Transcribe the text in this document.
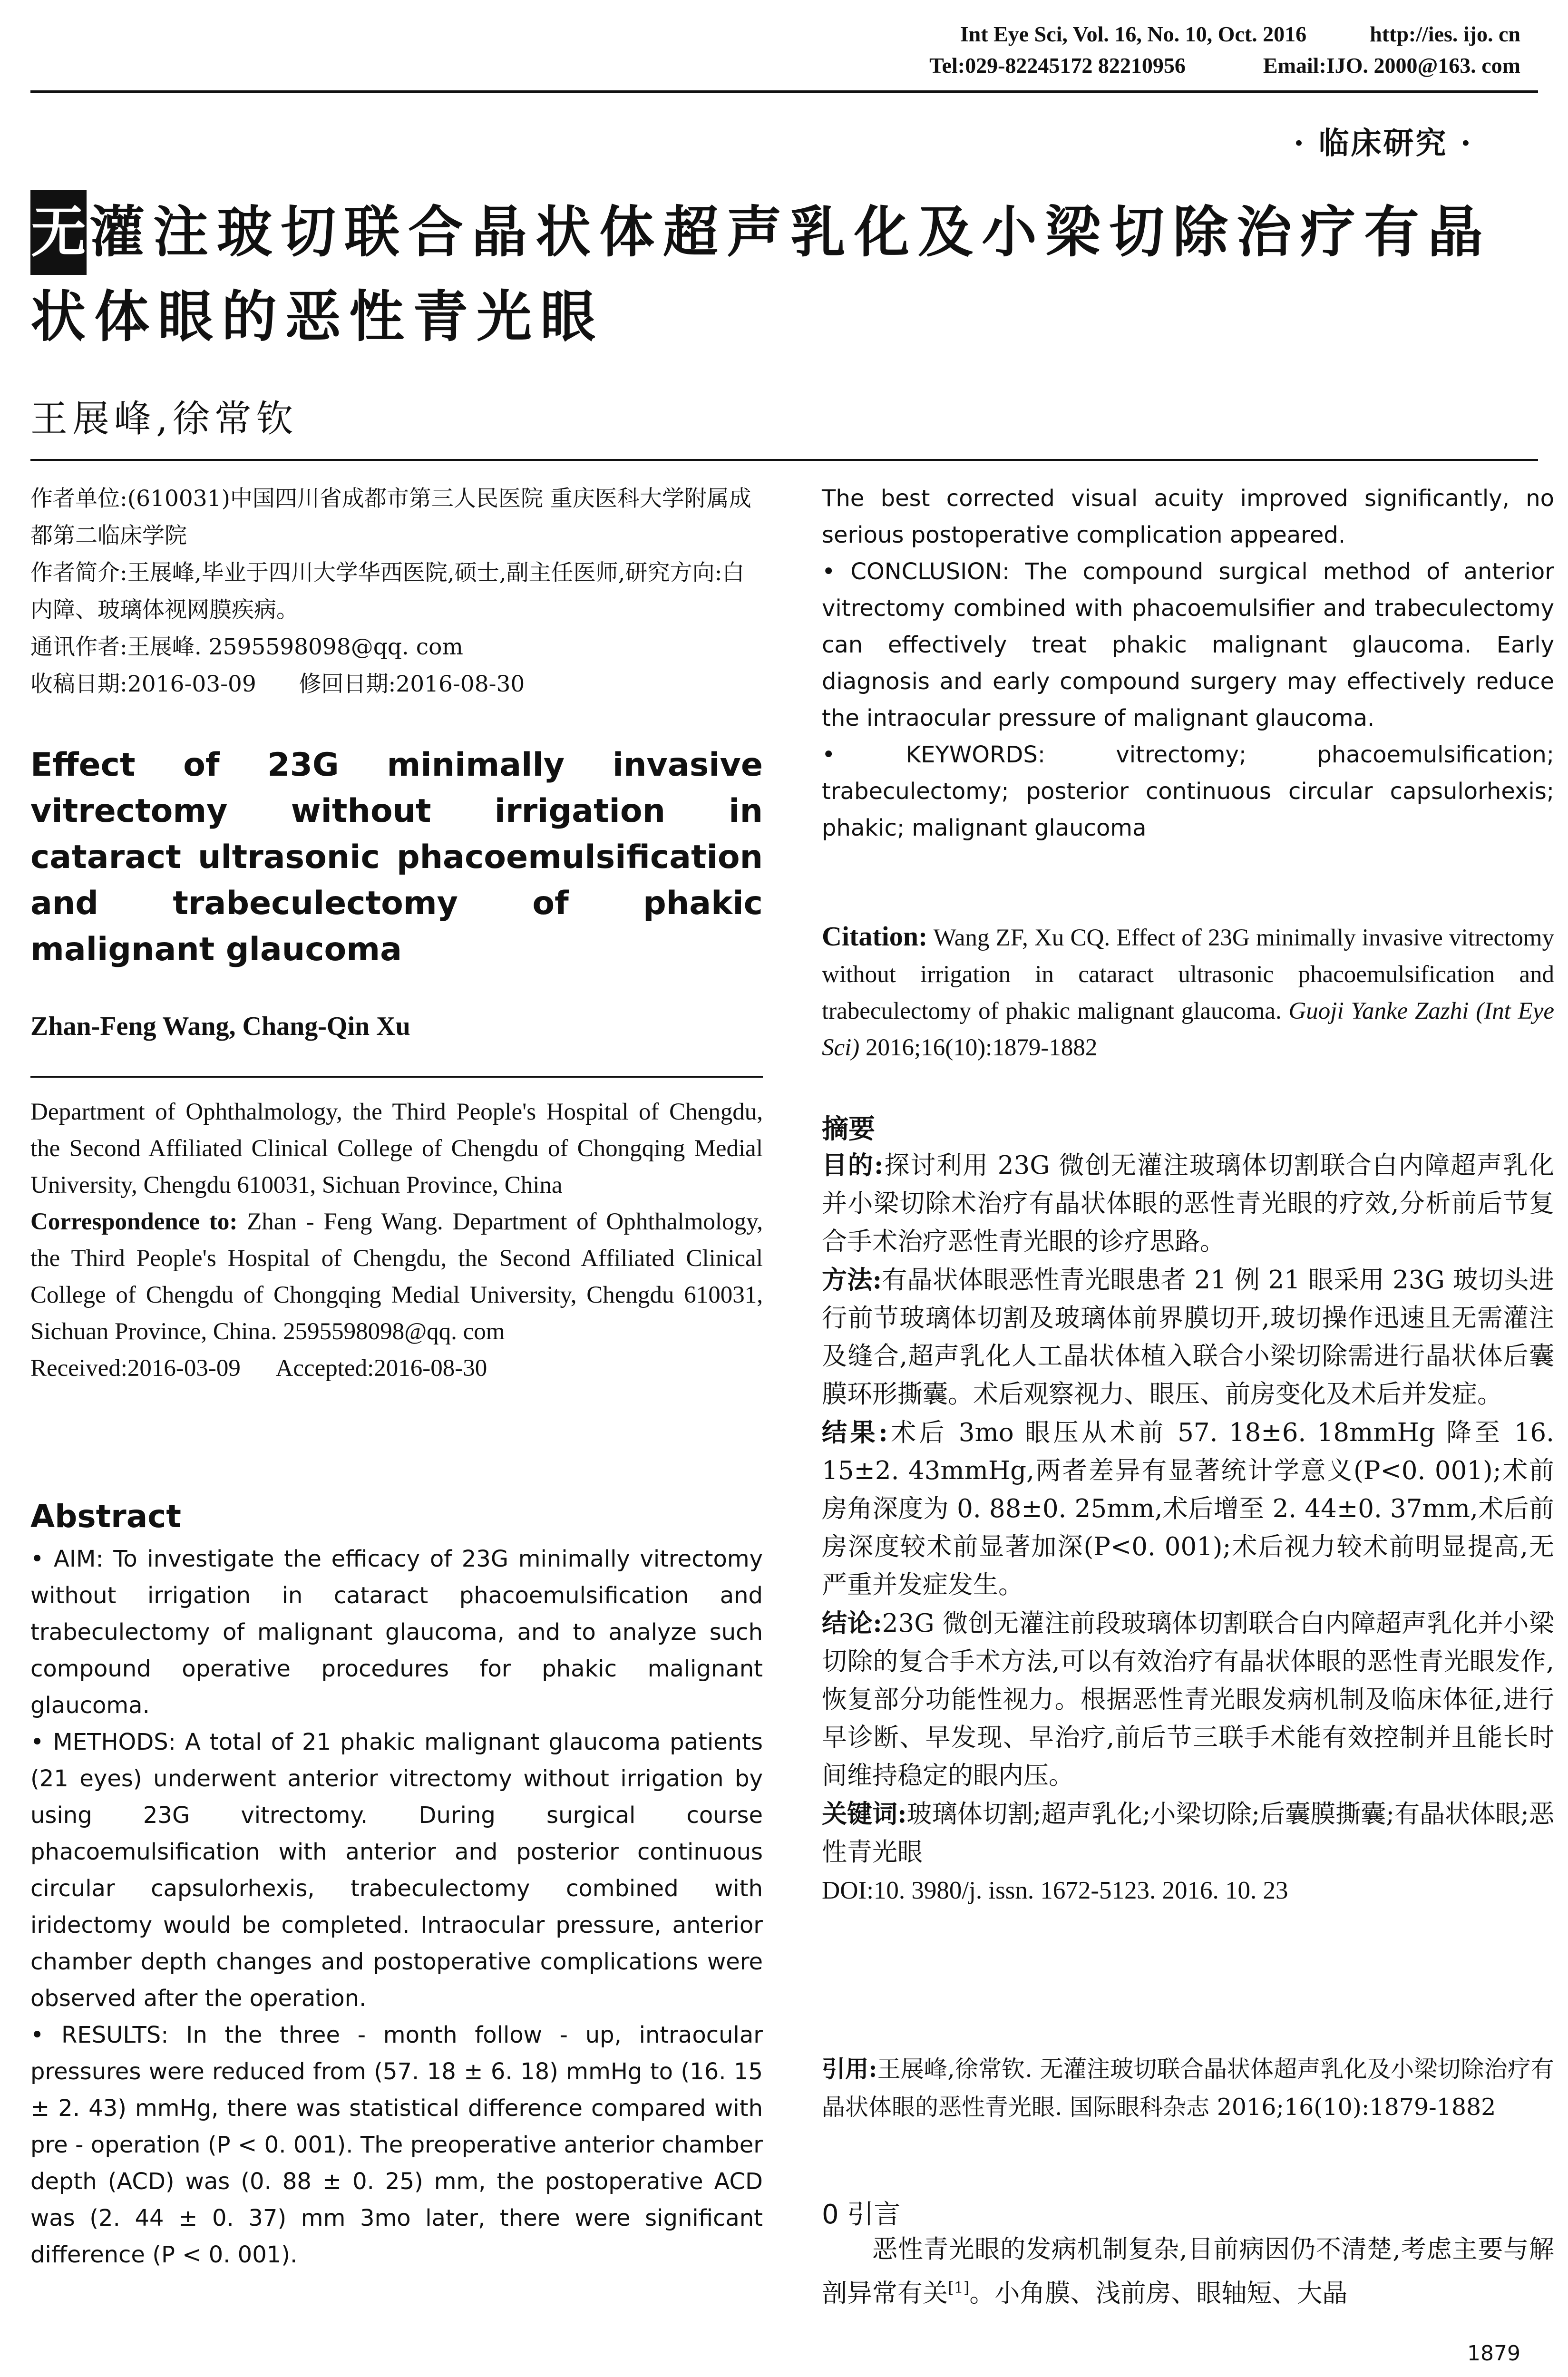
Int Eye Sci, Vol. 16, No. 10, Oct. 2016	http://ies. ijo. cn
Tel:029-82245172 82210956	Email:IJO. 2000@163. com
· 临床研究 ·
无灌注玻切联合晶状体超声乳化及小梁切除治疗有晶状体眼的恶性青光眼
王展峰,徐常钦

作者单位:(610031)中国四川省成都市第三人民医院 重庆医科大学附属成都第二临床学院

作者简介:王展峰,毕业于四川大学华西医院,硕士,副主任医师,研究方向:白内障、玻璃体视网膜疾病。

通讯作者:王展峰. 2595598098@qq. com

收稿日期:2016-03-09      修回日期:2016-08-30

Effect of 23G minimally invasive vitrectomy without irrigation in cataract ultrasonic phacoemulsification and trabeculectomy of phakic malignant glaucoma
Zhan-Feng Wang, Chang-Qin Xu

Department of Ophthalmology, the Third People's Hospital of Chengdu, the Second Affiliated Clinical College of Chengdu of Chongqing Medial University, Chengdu 610031, Sichuan Province, China

Correspondence to: Zhan - Feng Wang. Department of Ophthalmology, the Third People's Hospital of Chengdu, the Second Affiliated Clinical College of Chengdu of Chongqing Medial University, Chengdu 610031, Sichuan Province, China. 2595598098@qq. com

Received:2016-03-09      Accepted:2016-08-30

Abstract

• AIM: To investigate the efficacy of 23G minimally vitrectomy without irrigation in cataract phacoemulsification and trabeculectomy of malignant glaucoma, and to analyze such compound operative procedures for phakic malignant glaucoma.

• METHODS: A total of 21 phakic malignant glaucoma patients (21 eyes) underwent anterior vitrectomy without irrigation by using 23G vitrectomy. During surgical course phacoemulsification with anterior and posterior continuous circular capsulorhexis, trabeculectomy combined with iridectomy would be completed. Intraocular pressure, anterior chamber depth changes and postoperative complications were observed after the operation.

• RESULTS: In the three - month follow - up, intraocular pressures were reduced from (57. 18 ± 6. 18) mmHg to (16. 15 ± 2. 43) mmHg, there was statistical difference compared with pre - operation (P < 0. 001). The preoperative anterior chamber depth (ACD) was (0. 88 ± 0. 25) mm, the postoperative ACD was (2. 44 ± 0. 37) mm 3mo later, there were significant difference (P < 0. 001).

The best corrected visual acuity improved significantly, no serious postoperative complication appeared.

• CONCLUSION: The compound surgical method of anterior vitrectomy combined with phacoemulsifier and trabeculectomy can effectively treat phakic malignant glaucoma. Early diagnosis and early compound surgery may effectively reduce the intraocular pressure of malignant glaucoma.

• KEYWORDS: vitrectomy; phacoemulsification; trabeculectomy; posterior continuous circular capsulorhexis; phakic; malignant glaucoma

Citation: Wang ZF, Xu CQ. Effect of 23G minimally invasive vitrectomy without irrigation in cataract ultrasonic phacoemulsification and trabeculectomy of phakic malignant glaucoma. Guoji Yanke Zazhi (Int Eye Sci) 2016;16(10):1879-1882
摘要

目的:探讨利用 23G 微创无灌注玻璃体切割联合白内障超声乳化并小梁切除术治疗有晶状体眼的恶性青光眼的疗效,分析前后节复合手术治疗恶性青光眼的诊疗思路。

方法:有晶状体眼恶性青光眼患者 21 例 21 眼采用 23G 玻切头进行前节玻璃体切割及玻璃体前界膜切开,玻切操作迅速且无需灌注及缝合,超声乳化人工晶状体植入联合小梁切除需进行晶状体后囊膜环形撕囊。术后观察视力、眼压、前房变化及术后并发症。

结果:术后 3mo 眼压从术前 57. 18±6. 18mmHg 降至 16. 15±2. 43mmHg,两者差异有显著统计学意义(P<0. 001);术前房角深度为 0. 88±0. 25mm,术后增至 2. 44±0. 37mm,术后前房深度较术前显著加深(P<0. 001);术后视力较术前明显提高,无严重并发症发生。

结论:23G 微创无灌注前段玻璃体切割联合白内障超声乳化并小梁切除的复合手术方法,可以有效治疗有晶状体眼的恶性青光眼发作,恢复部分功能性视力。根据恶性青光眼发病机制及临床体征,进行早诊断、早发现、早治疗,前后节三联手术能有效控制并且能长时间维持稳定的眼内压。

关键词:玻璃体切割;超声乳化;小梁切除;后囊膜撕囊;有晶状体眼;恶性青光眼

DOI:10. 3980/j. issn. 1672-5123. 2016. 10. 23

引用:王展峰,徐常钦. 无灌注玻切联合晶状体超声乳化及小梁切除治疗有晶状体眼的恶性青光眼. 国际眼科杂志 2016;16(10):1879-1882
0 引言
恶性青光眼的发病机制复杂,目前病因仍不清楚,考虑主要与解剖异常有关[1]。小角膜、浅前房、眼轴短、大晶
1879
